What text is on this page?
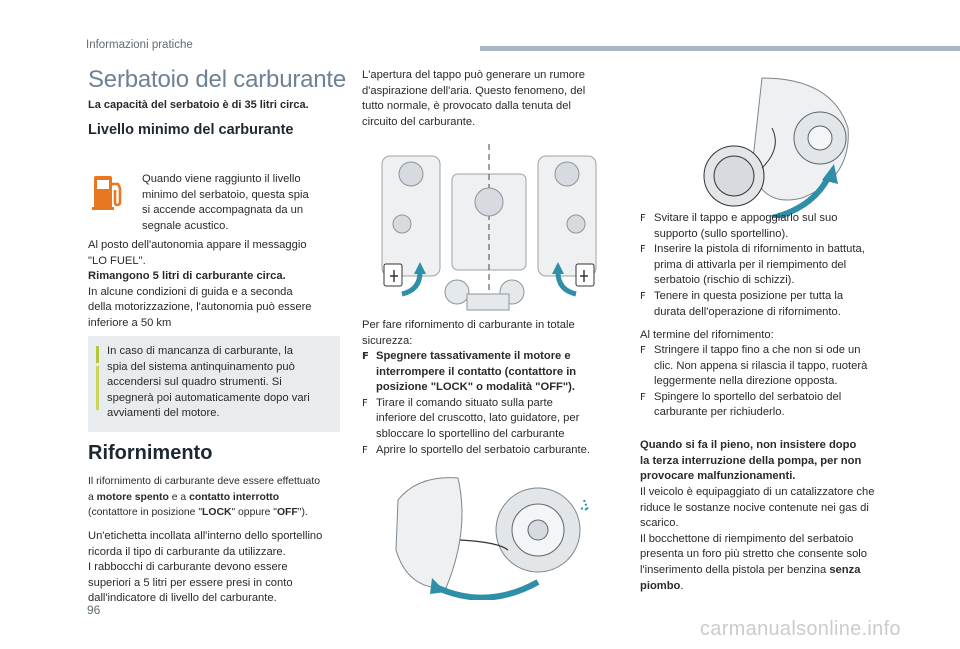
Informazioni pratiche
Serbatoio del carburante
La capacità del serbatoio è di 35 litri circa.
Livello minimo del carburante
Quando viene raggiunto il livello
minimo del serbatoio, questa spia
si accende accompagnata da un
segnale acustico.
Al posto dell'autonomia appare il messaggio
"LO FUEL".
Rimangono 5 litri di carburante circa.
In alcune condizioni di guida e a seconda
della motorizzazione, l'autonomia può essere
inferiore a 50 km
In caso di mancanza di carburante, la
spia del sistema antinquinamento può
accendersi sul quadro strumenti. Si
spegnerà poi automaticamente dopo vari
avviamenti del motore.
Rifornimento
Il rifornimento di carburante deve essere effettuato
a motore spento e a contatto interrotto
(contattore in posizione "LOCK" oppure "OFF").
Un'etichetta incollata all'interno dello sportellino
ricorda il tipo di carburante da utilizzare.
I rabbocchi di carburante devono essere
superiori a 5 litri per essere presi in conto
dall'indicatore di livello del carburante.
L'apertura del tappo può generare un rumore
d'aspirazione dell'aria. Questo fenomeno, del
tutto normale, è provocato dalla tenuta del
circuito del carburante.
Per fare rifornimento di carburante in totale
sicurezza:
F Spegnere tassativamente il motore e
interrompere il contatto (contattore in
posizione "LOCK" o modalità "OFF").
F Tirare il comando situato sulla parte
inferiore del cruscotto, lato guidatore, per
sbloccare lo sportellino del carburante
F Aprire lo sportello del serbatoio carburante.
F Svitare il tappo e appoggiarlo sul suo
supporto (sullo sportellino).
F Inserire la pistola di rifornimento in battuta,
prima di attivarla per il riempimento del
serbatoio (rischio di schizzi).
F Tenere in questa posizione per tutta la
durata dell'operazione di rifornimento.
Al termine del rifornimento:
F Stringere il tappo fino a che non si ode un
clic. Non appena si rilascia il tappo, ruoterà
leggermente nella direzione opposta.
F Spingere lo sportello del serbatoio del
carburante per richiuderlo.
Quando si fa il pieno, non insistere dopo
la terza interruzione della pompa, per non
provocare malfunzionamenti.
Il veicolo è equipaggiato di un catalizzatore che
riduce le sostanze nocive contenute nei gas di
scarico.
Il bocchettone di riempimento del serbatoio
presenta un foro più stretto che consente solo
l'inserimento della pistola per benzina senza
piombo.
96
carmanualsonline.info
